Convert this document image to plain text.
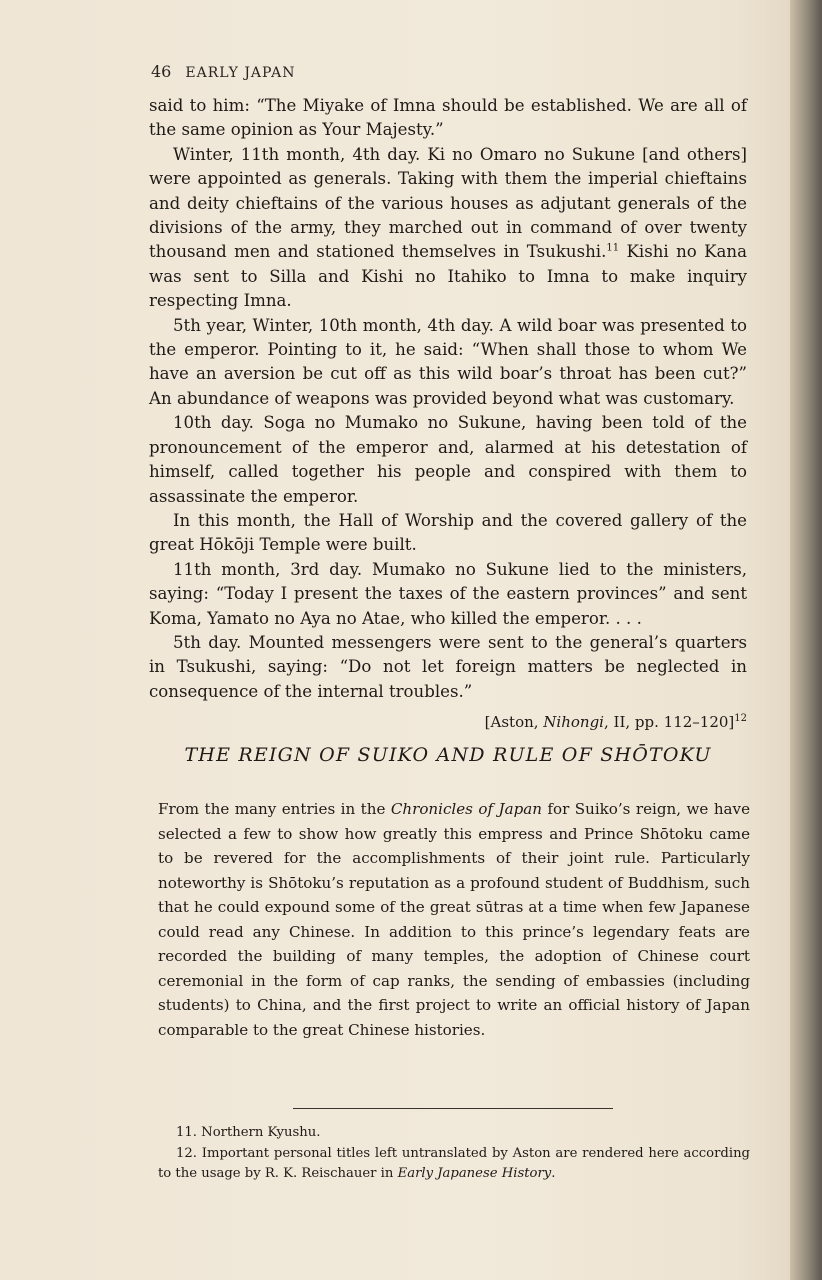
46 EARLY JAPAN

said to him: “The Miyake of Imna should be established. We are all of the same opinion as Your Majesty.”

Winter, 11th month, 4th day. Ki no Omaro no Sukune [and others] were appointed as generals. Taking with them the imperial chieftains and deity chieftains of the various houses as adjutant generals of the divisions of the army, they marched out in command of over twenty thousand men and stationed themselves in Tsukushi.$^{11}$ Kishi no Kana was sent to Silla and Kishi no Itahiko to Imna to make inquiry respecting Imna.

5th year, Winter, 10th month, 4th day. A wild boar was presented to the emperor. Pointing to it, he said: “When shall those to whom We have an aversion be cut off as this wild boar’s throat has been cut?” An abundance of weapons was provided beyond what was customary.

10th day. Soga no Mumako no Sukune, having been told of the pronouncement of the emperor and, alarmed at his detestation of himself, called together his people and conspired with them to assassinate the emperor.

In this month, the Hall of Worship and the covered gallery of the great Hōkōji Temple were built.

11th month, 3rd day. Mumako no Sukune lied to the ministers, saying: “Today I present the taxes of the eastern provinces” and sent Koma, Yamato no Aya no Atae, who killed the emperor. . . .

5th day. Mounted messengers were sent to the general’s quarters in Tsukushi, saying: “Do not let foreign matters be neglected in consequence of the internal troubles.”

[Aston, Nihongi, II, pp. 112–120]$^{12}$

THE REIGN OF SUIKO AND RULE OF SHŌTOKU

From the many entries in the Chronicles of Japan for Suiko’s reign, we have selected a few to show how greatly this empress and Prince Shōtoku came to be revered for the accomplishments of their joint rule. Particularly noteworthy is Shōtoku’s reputation as a profound student of Buddhism, such that he could expound some of the great sūtras at a time when few Japanese could read any Chinese. In addition to this prince’s legendary feats are recorded the building of many temples, the adoption of Chinese court ceremonial in the form of cap ranks, the sending of embassies (including students) to China, and the first project to write an official history of Japan comparable to the great Chinese histories.

11. Northern Kyushu.

12. Important personal titles left untranslated by Aston are rendered here according to the usage by R. K. Reischauer in Early Japanese History.
